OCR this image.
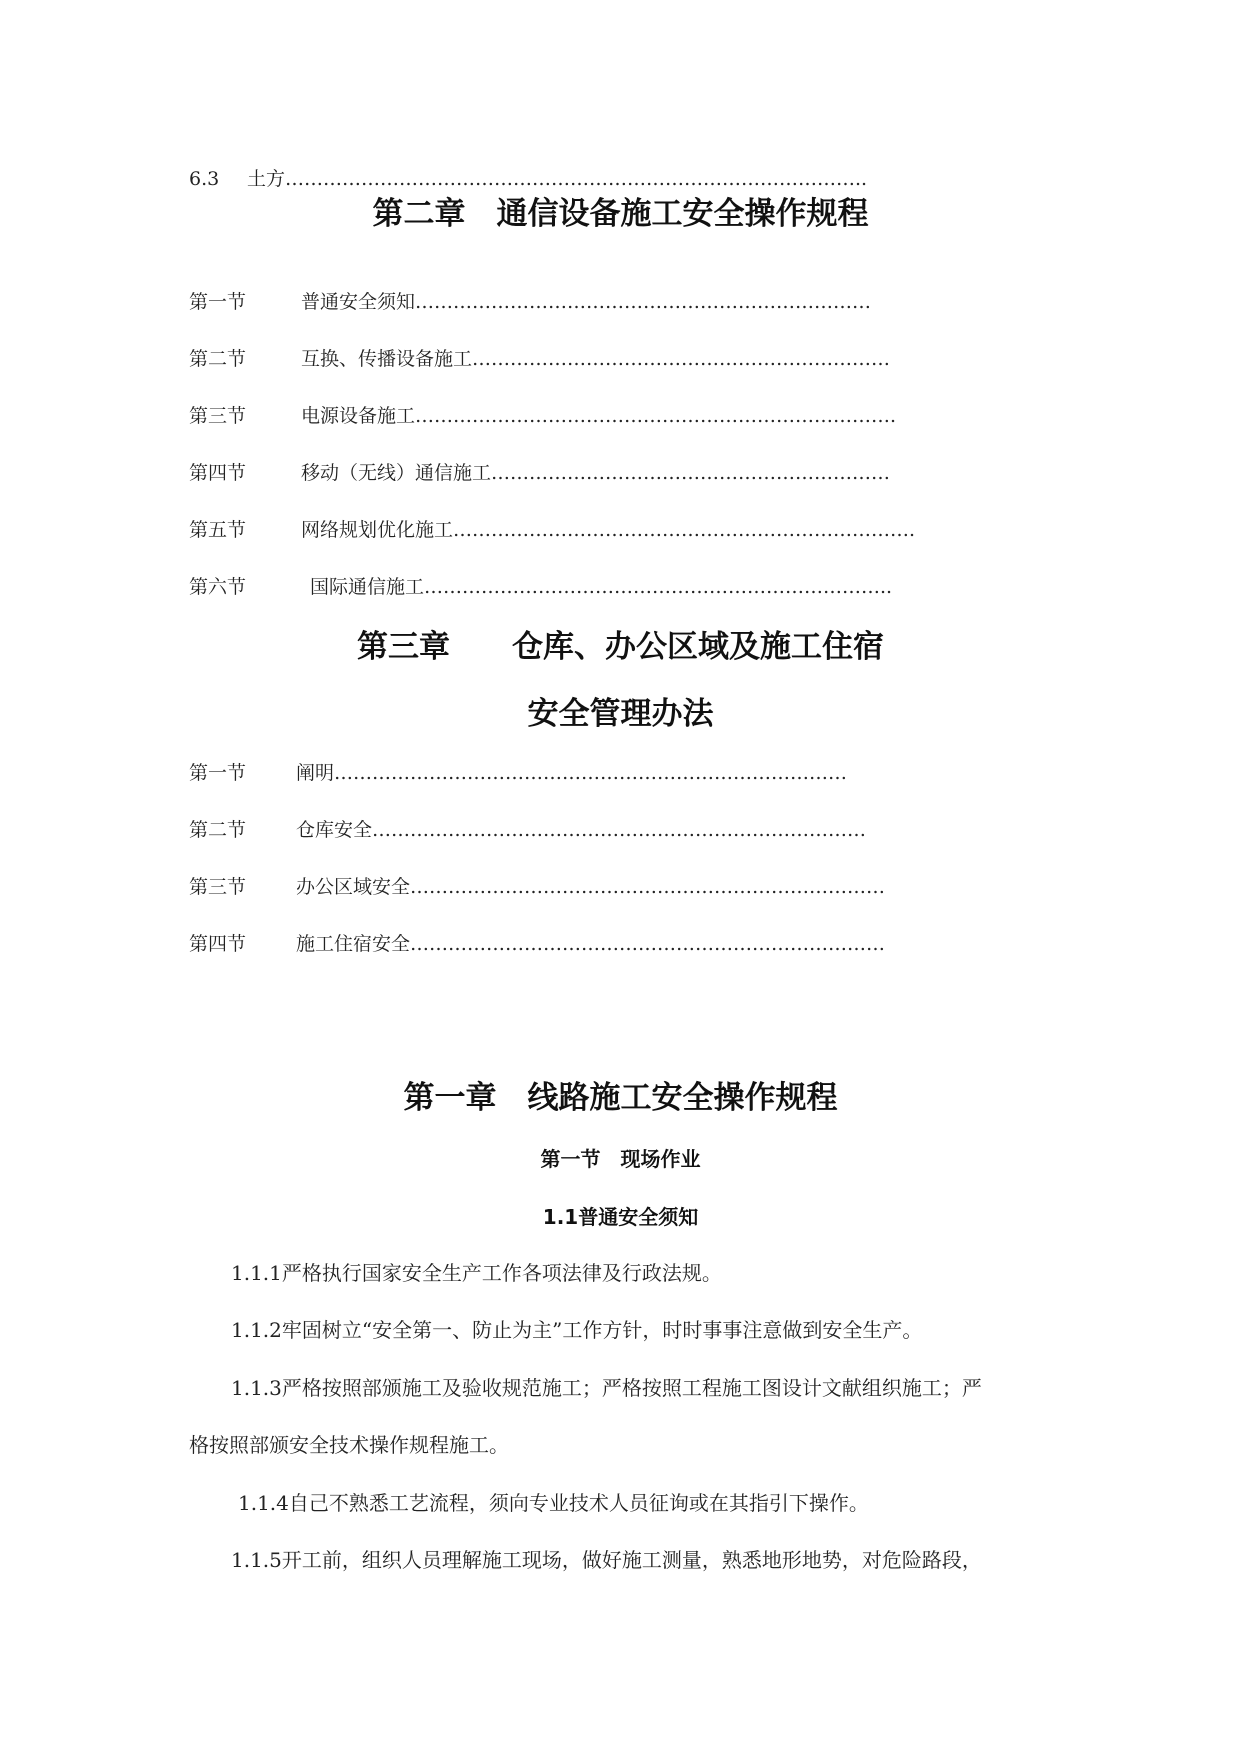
6.3 土方………………………………………………………………………………..
第二章　通信设备施工安全操作规程
第一节	普通安全须知………………………………………………………………
第二节	互换、传播设备施工…………………………………………………………
第三节	电源设备施工………………………………………………………………….
第四节	移动（无线）通信施工………………………………………………………
第五节	网络规划优化施工……………………………………………………………….
第六节	国际通信施工………………………………………………………………..
第三章　　仓库、办公区域及施工住宿
安全管理办法
第一节	阐明………………………………………………………………………
第二节	仓库安全……………………………………………………………………
第三节	办公区域安全…………………………………………………………………
第四节	施工住宿安全…………………………………………………………………
第一章　线路施工安全操作规程
第一节　现场作业
1.1普通安全须知
1.1.1严格执行国家安全生产工作各项法律及行政法规。
1.1.2牢固树立“安全第一、防止为主”工作方针，时时事事注意做到安全生产。
1.1.3严格按照部颁施工及验收规范施工；严格按照工程施工图设计文献组织施工；严
格按照部颁安全技术操作规程施工。
1.1.4自己不熟悉工艺流程，须向专业技术人员征询或在其指引下操作。
1.1.5开工前，组织人员理解施工现场，做好施工测量，熟悉地形地势，对危险路段，
